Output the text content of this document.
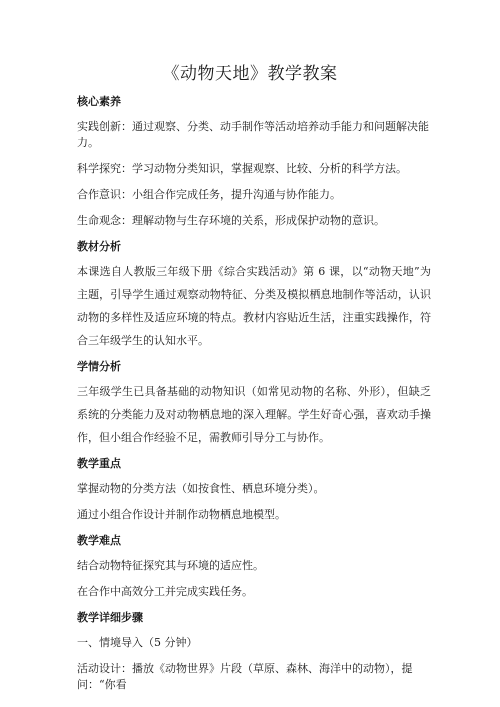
《动物天地》教学教案
核心素养
实践创新：通过观察、分类、动手制作等活动培养动手能力和问题解决能力。
科学探究：学习动物分类知识，掌握观察、比较、分析的科学方法。
合作意识：小组合作完成任务，提升沟通与协作能力。
生命观念：理解动物与生存环境的关系，形成保护动物的意识。
教材分析
本课选自人教版三年级下册《综合实践活动》第 6 课，以“动物天地”为主题，引导学生通过观察动物特征、分类及模拟栖息地制作等活动，认识动物的多样性及适应环境的特点。教材内容贴近生活，注重实践操作，符合三年级学生的认知水平。
学情分析
三年级学生已具备基础的动物知识（如常见动物的名称、外形），但缺乏系统的分类能力及对动物栖息地的深入理解。学生好奇心强，喜欢动手操作，但小组合作经验不足，需教师引导分工与协作。
教学重点
掌握动物的分类方法（如按食性、栖息环境分类）。
通过小组合作设计并制作动物栖息地模型。
教学难点
结合动物特征探究其与环境的适应性。
在合作中高效分工并完成实践任务。
教学详细步骤
一、情境导入（5 分钟）
活动设计：播放《动物世界》片段（草原、森林、海洋中的动物），提问：“你看
